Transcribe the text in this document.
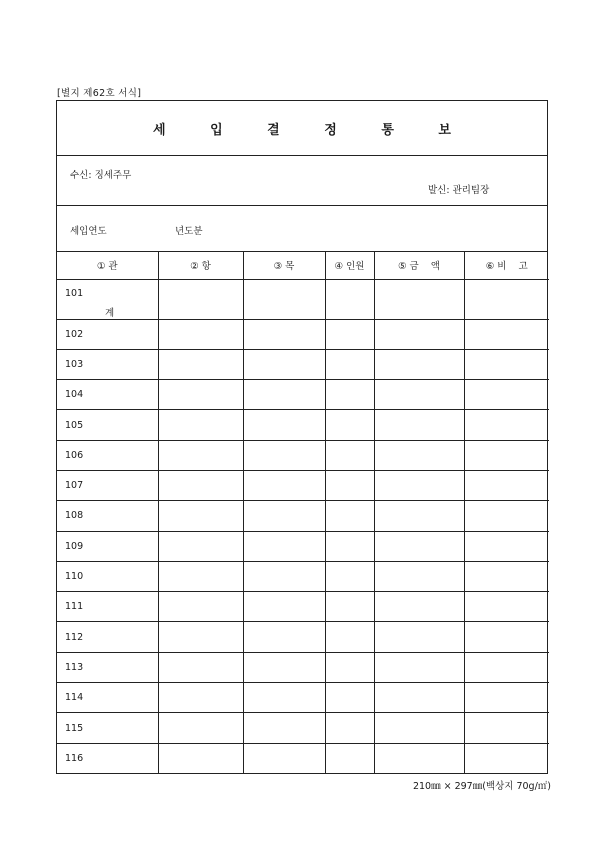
[별지 제62호 서식]
세 입 결 정 통 보
수신: 징세주무
발신: 관리팀장
세입연도	년도분
① 관	② 항	③ 목	④ 인원	⑤ 금    액	⑥ 비    고
101
계					

102					
103					
104					
105					
106					
107					
108					
109					
110					
111					
112					
113					
114					
115					
116					
210㎜ × 297㎜(백상지 70g/㎡)
